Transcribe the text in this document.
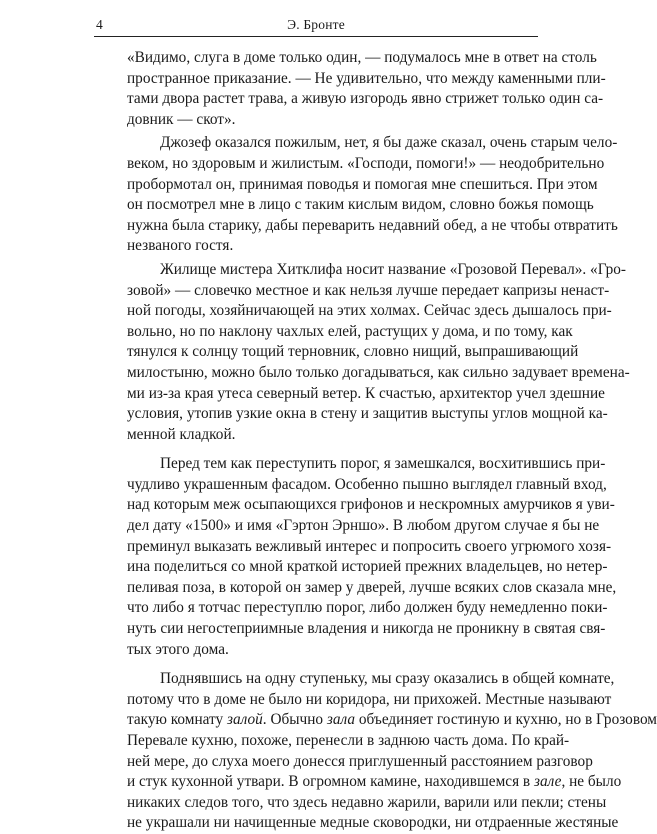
4	Э. Бронте

«Видимо, слуга в доме только один, — подумалось мне в ответ на столь
пространное приказание. — Не удивительно, что между каменными пли-
тами двора растет трава, а живую изгородь явно стрижет только один са-
довник — скот».

Джозеф оказался пожилым, нет, я бы даже сказал, очень старым чело-
веком, но здоровым и жилистым. «Господи, помоги!» — неодобрительно
пробормотал он, принимая поводья и помогая мне спешиться. При этом
он посмотрел мне в лицо с таким кислым видом, словно божья помощь
нужна была старику, дабы переварить недавний обед, а не чтобы отвратить
незваного гостя.

Жилище мистера Хитклифа носит название «Грозовой Перевал». «Гро-
зовой» — словечко местное и как нельзя лучше передает капризы ненаст-
ной погоды, хозяйничающей на этих холмах. Сейчас здесь дышалось при-
вольно, но по наклону чахлых елей, растущих у дома, и по тому, как
тянулся к солнцу тощий терновник, словно нищий, выпрашивающий
милостыню, можно было только догадываться, как сильно задувает времена-
ми из-за края утеса северный ветер. К счастью, архитектор учел здешние
условия, утопив узкие окна в стену и защитив выступы углов мощной ка-
менной кладкой.

Перед тем как переступить порог, я замешкался, восхитившись при-
чудливо украшенным фасадом. Особенно пышно выглядел главный вход,
над которым меж осыпающихся грифонов и нескромных амурчиков я уви-
дел дату «1500» и имя «Гэртон Эрншо». В любом другом случае я бы не
преминул выказать вежливый интерес и попросить своего угрюмого хозя-
ина поделиться со мной краткой историей прежних владельцев, но нетер-
пеливая поза, в которой он замер у дверей, лучше всяких слов сказала мне,
что либо я тотчас переступлю порог, либо должен буду немедленно поки-
нуть сии негостеприимные владения и никогда не проникну в святая свя-
тых этого дома.

Поднявшись на одну ступеньку, мы сразу оказались в общей комнате,
потому что в доме не было ни коридора, ни прихожей. Местные называют
такую комнату залой. Обычно зала объединяет гостиную и кухню, но в Грозовом
Перевале кухню, похоже, перенесли в заднюю часть дома. По край-
ней мере, до слуха моего донесся приглушенный расстоянием разговор
и стук кухонной утвари. В огромном камине, находившемся в зале, не было
никаких следов того, что здесь недавно жарили, варили или пекли; стены
не украшали ни начищенные медные сковородки, ни отдраенные жестяные
